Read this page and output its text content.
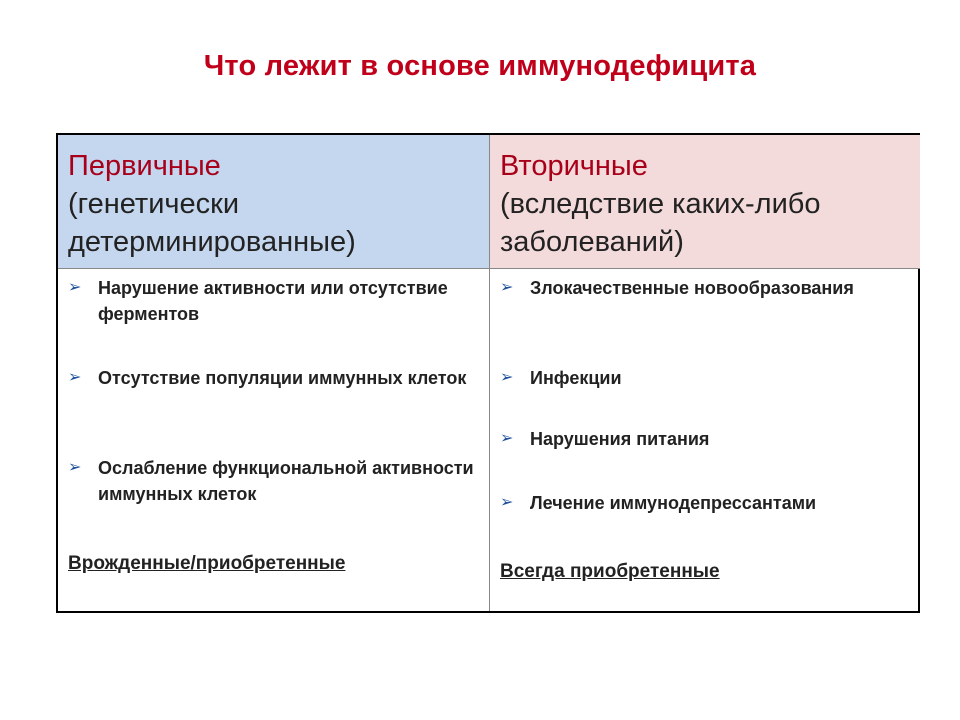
Что лежит в основе иммунодефицита
Первичные
(генетически детерминированные)
Вторичные
(вследствие каких-либо заболеваний)
➢ Нарушение активности или отсутствие ферментов
➢ Отсутствие популяции иммунных клеток
➢ Ослабление функциональной активности иммунных клеток
Врожденные/приобретенные
➢ Злокачественные новообразования
➢ Инфекции
➢ Нарушения питания
➢ Лечение иммунодепрессантами
Всегда приобретенные
